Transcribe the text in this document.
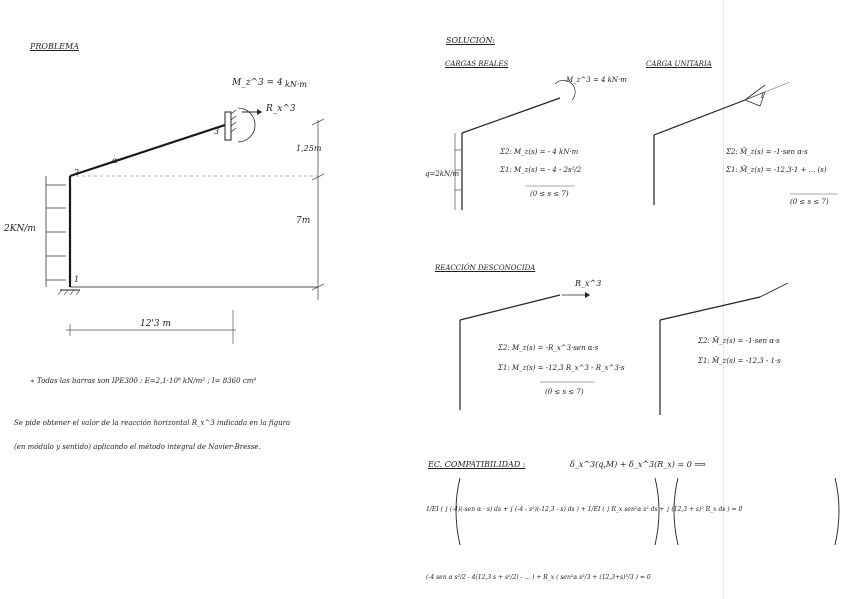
PROBLEMA
M_z^3 = 4 kN·m
R_x^3
3
2
1
α
1,25m
7m
12'3 m
2KN/m
∗ Todas las barras son IPE300 : E=2,1·10⁸ kN/m² ; I= 8360 cm⁴
Se pide obtener el valor de la reacción horizontal R_x^3 indicada en la figura
(en módulo y sentido) aplicando el método integral de Navier-Bresse.
SOLUCIÓN:
CARGAS REALES	CARGA UNITARIA
M_z^3 = 4 kN·m
q=2kN/m
Σ2: M_z(s) = - 4 kN·m
Σ1: M_z(s) = - 4 - 2s²/2
(0 ≤ s ≤ 7)
1
Σ2: M̄_z(s) = -1·sen α·s
Σ1: M̄_z(s) = -12,3·1 + ... (s)
(0 ≤ s ≤ 7)
REACCIÓN DESCONOCIDA
R_x^3
Σ2: M_z(s) = -R_x^3·sen α·s
Σ1: M_z(s) = -12,3 R_x^3 - R_x^3·s
(0 ≤ s ≤ 7)
Σ2: M̄_z(s) = -1·sen α·s
Σ1: M̄_z(s) = -12,3 - 1·s
EC. COMPATIBILIDAD :	δ_x^3(q,M) + δ_x^3(R_x) = 0 ⟹
1/EI ( ∫ (-4)(-sen α · s) ds + ∫ (-4 - s²)(-12,3 - s) ds ) + 1/EI ( ∫ R_x sen²α s² ds + ∫ (12,3 + s)² R_x ds ) = 0
(-4 sen α s²/2 - 4(12,3 s + s²/2) - ... ) + R_x ( sen²α s³/3 + (12,3+s)³/3 ) = 0
